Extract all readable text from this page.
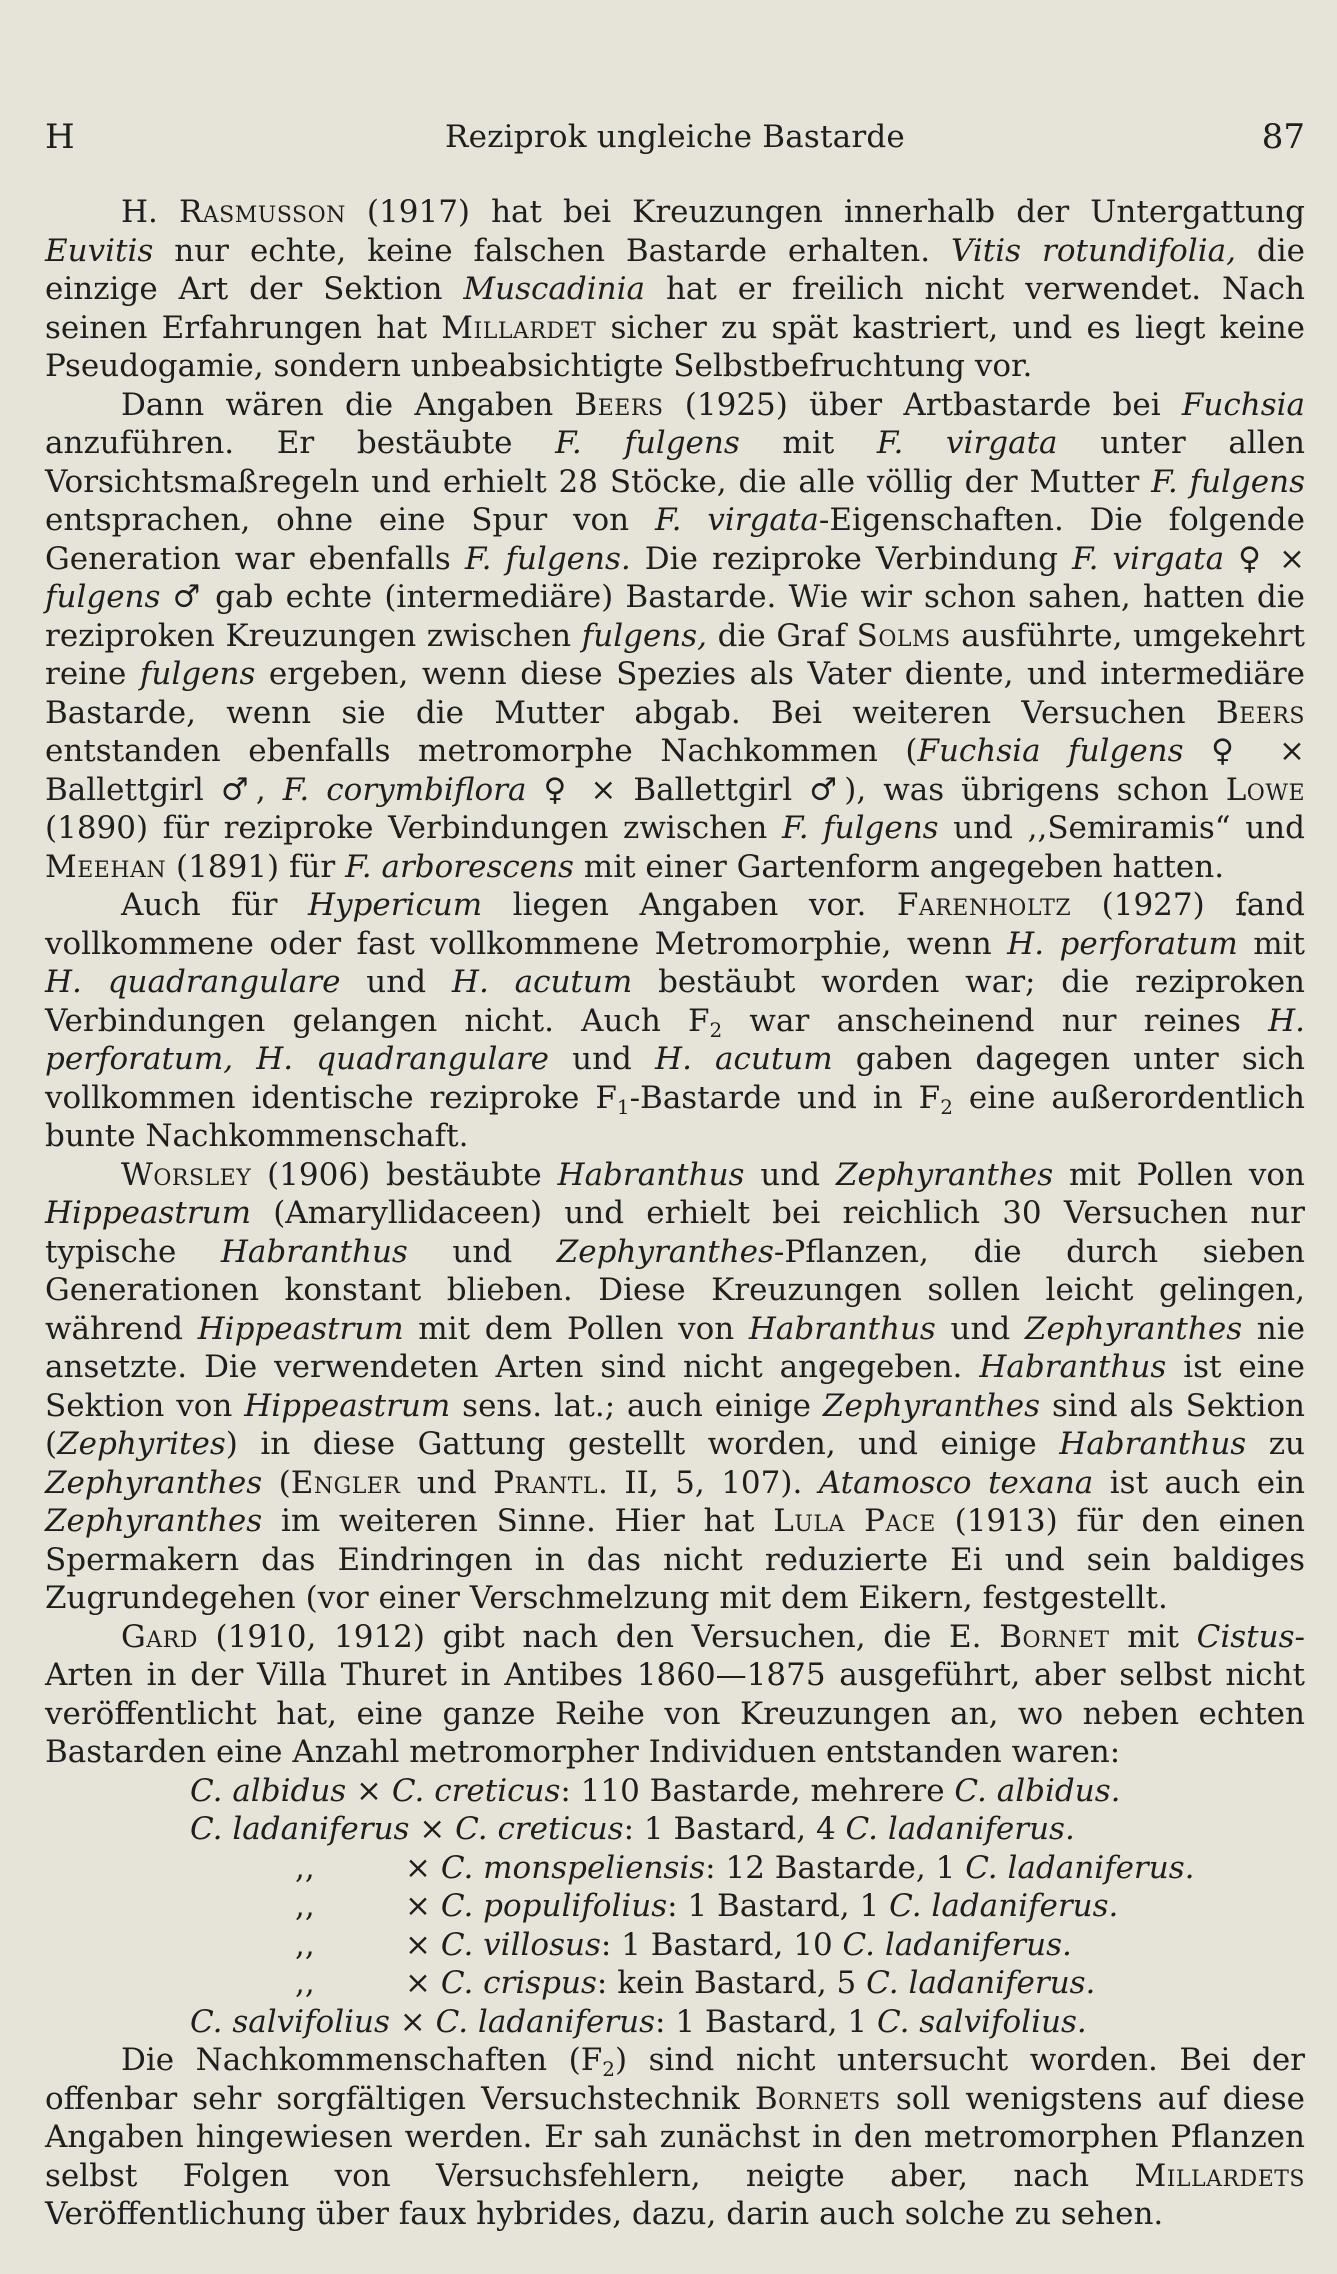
H	Reziprok ungleiche Bastarde	87

H. Rasmusson (1917) hat bei Kreuzungen innerhalb der Untergattung Euvitis nur echte, keine falschen Bastarde erhalten. Vitis rotundifolia, die einzige Art der Sektion Muscadinia hat er freilich nicht verwendet. Nach seinen Erfahrungen hat Millardet sicher zu spät kastriert, und es liegt keine Pseudogamie, sondern unbeabsichtigte Selbstbefruchtung vor.

Dann wären die Angaben Beers (1925) über Artbastarde bei Fuchsia anzuführen. Er bestäubte F. fulgens mit F. virgata unter allen Vorsichtsmaßregeln und erhielt 28 Stöcke, die alle völlig der Mutter F. fulgens entsprachen, ohne eine Spur von F. virgata-Eigenschaften. Die folgende Generation war ebenfalls F. fulgens. Die reziproke Verbindung F. virgata ♀ × fulgens ♂ gab echte (intermediäre) Bastarde. Wie wir schon sahen, hatten die reziproken Kreuzungen zwischen fulgens, die Graf Solms ausführte, umgekehrt reine fulgens ergeben, wenn diese Spezies als Vater diente, und intermediäre Bastarde, wenn sie die Mutter abgab. Bei weiteren Versuchen Beers entstanden ebenfalls metromorphe Nachkommen (Fuchsia fulgens ♀ × Ballettgirl ♂, F. corymbiflora ♀ × Ballettgirl ♂), was übrigens schon Lowe (1890) für reziproke Verbindungen zwischen F. fulgens und ,,Semiramis“ und Meehan (1891) für F. arborescens mit einer Gartenform angegeben hatten.

Auch für Hypericum liegen Angaben vor. Farenholtz (1927) fand vollkommene oder fast vollkommene Metromorphie, wenn H. perforatum mit H. quadrangulare und H. acutum bestäubt worden war; die reziproken Verbindungen gelangen nicht. Auch $F_2$ war anscheinend nur reines H. perforatum, H. quadrangulare und H. acutum gaben dagegen unter sich vollkommen identische reziproke $F_1$-Bastarde und in $F_2$ eine außerordentlich bunte Nachkommenschaft.

Worsley (1906) bestäubte Habranthus und Zephyranthes mit Pollen von Hippeastrum (Amaryllidaceen) und erhielt bei reichlich 30 Versuchen nur typische Habranthus und Zephyranthes-Pflanzen, die durch sieben Generationen konstant blieben. Diese Kreuzungen sollen leicht gelingen, während Hippeastrum mit dem Pollen von Habranthus und Zephyranthes nie ansetzte. Die verwendeten Arten sind nicht angegeben. Habranthus ist eine Sektion von Hippeastrum sens. lat.; auch einige Zephyranthes sind als Sektion (Zephyrites) in diese Gattung gestellt worden, und einige Habranthus zu Zephyranthes (Engler und Prantl. II, 5, 107). Atamosco texana ist auch ein Zephyranthes im weiteren Sinne. Hier hat Lula Pace (1913) für den einen Spermakern das Eindringen in das nicht reduzierte Ei und sein baldiges Zugrundegehen (vor einer Verschmelzung mit dem Eikern, festgestellt.

Gard (1910, 1912) gibt nach den Versuchen, die E. Bornet mit Cistus-Arten in der Villa Thuret in Antibes 1860—1875 ausgeführt, aber selbst nicht veröffentlicht hat, eine ganze Reihe von Kreuzungen an, wo neben echten Bastarden eine Anzahl metromorpher Individuen entstanden waren:

C. albidus × C. creticus: 110 Bastarde, mehrere C. albidus.
C. ladaniferus × C. creticus: 1 Bastard, 4 C. ladaniferus.
,,	× C. monspeliensis: 12 Bastarde, 1 C. ladaniferus.
,,	× C. populifolius: 1 Bastard, 1 C. ladaniferus.
,,	× C. villosus: 1 Bastard, 10 C. ladaniferus.
,,	× C. crispus: kein Bastard, 5 C. ladaniferus.
C. salvifolius × C. ladaniferus: 1 Bastard, 1 C. salvifolius.

Die Nachkommenschaften $(F_2)$ sind nicht untersucht worden. Bei der offenbar sehr sorgfältigen Versuchstechnik Bornets soll wenigstens auf diese Angaben hingewiesen werden. Er sah zunächst in den metromorphen Pflanzen selbst Folgen von Versuchsfehlern, neigte aber, nach Millardets Veröffentlichung über faux hybrides, dazu, darin auch solche zu sehen.
